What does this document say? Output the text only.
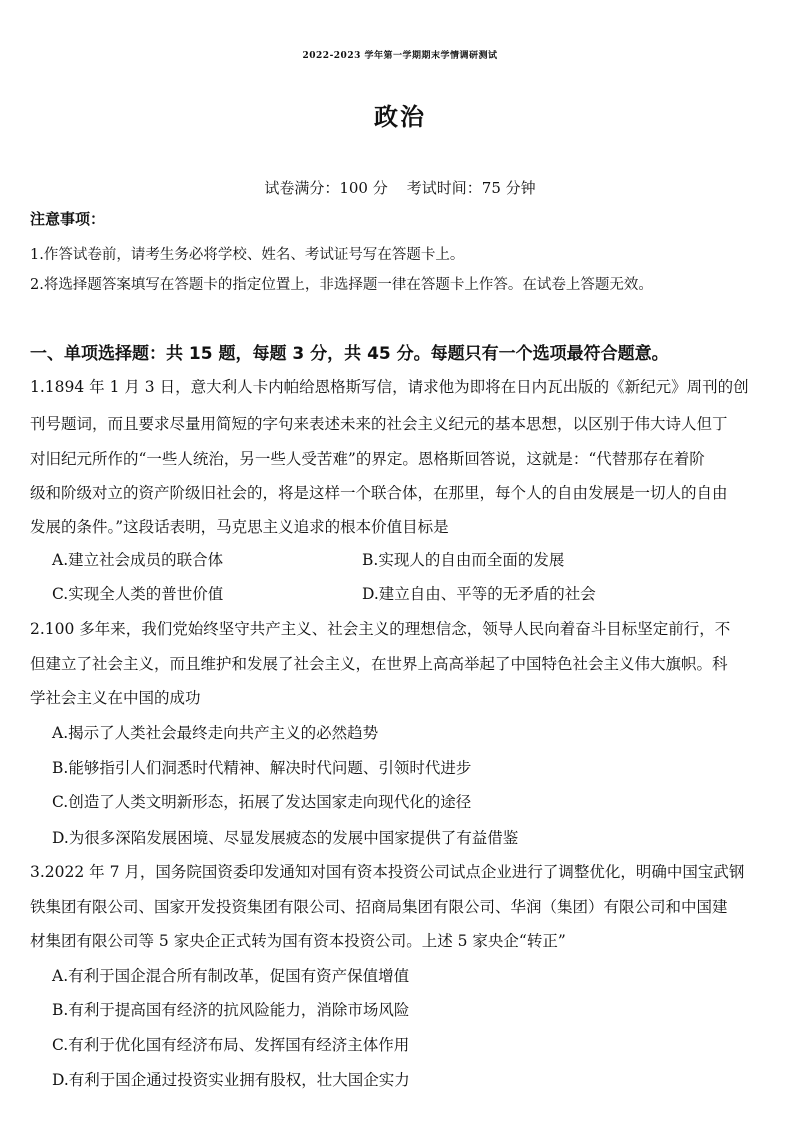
2022-2023 学年第一学期期末学情调研测试
政治
试卷满分：100 分    考试时间：75 分钟
注意事项：
1.作答试卷前，请考生务必将学校、姓名、考试证号写在答题卡上。
2.将选择题答案填写在答题卡的指定位置上，非选择题一律在答题卡上作答。在试卷上答题无效。
一、单项选择题：共 15 题，每题 3 分，共 45 分。每题只有一个选项最符合题意。
1.1894 年 1 月 3 日，意大利人卡内帕给恩格斯写信，请求他为即将在日内瓦出版的《新纪元》周刊的创
刊号题词，而且要求尽量用简短的字句来表述未来的社会主义纪元的基本思想，以区别于伟大诗人但丁
对旧纪元所作的“一些人统治，另一些人受苦难”的界定。恩格斯回答说，这就是：“代替那存在着阶
级和阶级对立的资产阶级旧社会的，将是这样一个联合体，在那里，每个人的自由发展是一切人的自由
发展的条件。”这段话表明，马克思主义追求的根本价值目标是
A.建立社会成员的联合体	B.实现人的自由而全面的发展
C.实现全人类的普世价值	D.建立自由、平等的无矛盾的社会
2.100 多年来，我们党始终坚守共产主义、社会主义的理想信念，领导人民向着奋斗目标坚定前行，不
但建立了社会主义，而且维护和发展了社会主义，在世界上高高举起了中国特色社会主义伟大旗帜。科
学社会主义在中国的成功
A.揭示了人类社会最终走向共产主义的必然趋势
B.能够指引人们洞悉时代精神、解决时代问题、引领时代进步
C.创造了人类文明新形态，拓展了发达国家走向现代化的途径
D.为很多深陷发展困境、尽显发展疲态的发展中国家提供了有益借鉴
3.2022 年 7 月，国务院国资委印发通知对国有资本投资公司试点企业进行了调整优化，明确中国宝武钢
铁集团有限公司、国家开发投资集团有限公司、招商局集团有限公司、华润（集团）有限公司和中国建
材集团有限公司等 5 家央企正式转为国有资本投资公司。上述 5 家央企“转正”
A.有利于国企混合所有制改革，促国有资产保值增值
B.有利于提高国有经济的抗风险能力，消除市场风险
C.有利于优化国有经济布局、发挥国有经济主体作用
D.有利于国企通过投资实业拥有股权，壮大国企实力
